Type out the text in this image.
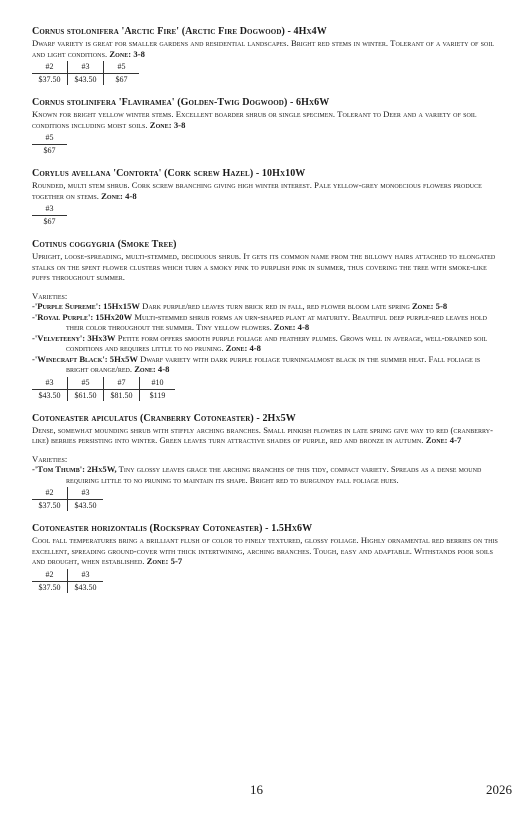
Cornus stolonifera 'Arctic Fire' (Arctic Fire Dogwood) - 4Hx4W
Dwarf variety is great for smaller gardens and residential landscapes. Bright red stems in winter. Tolerant of a variety of soil and light conditions. Zone: 3-8
#2	#3	#5
$37.50	$43.50	$67
Cornus stolinifera 'Flaviramea' (Golden-Twig Dogwood) - 6Hx6W
Known for bright yellow winter stems. Excellent boarder shrub or single specimen. Tolerant to Deer and a variety of soil conditions including moist soils. Zone: 3-8
#5
$67
Corylus avellana 'Contorta' (Cork screw Hazel) - 10Hx10W
Rounded, multi stem shrub. Cork screw branching giving high winter interest. Pale yellow-grey monoecious flowers produce together on stems. Zone: 4-8
#3
$67
Cotinus coggygria (Smoke Tree)
Upright, loose-spreading, multi-stemmed, deciduous shrub. It gets its common name from the billowy hairs attached to elongated stalks on the spent flower clusters which turn a smoky pink to purplish pink in summer, thus covering the tree with smoke-like puffs throughout summer.
Varieties:
-'Purple Supreme': 15Hx15W Dark purple/red leaves turn brick red in fall, red flower bloom late spring Zone: 5-8
-'Royal Purple': 15Hx20W Multi-stemmed shrub forms an urn-shaped plant at maturity. Beautiful deep purple-red leaves hold their color throughout the summer. Tiny yellow flowers. Zone: 4-8
-'Velveteeny': 3Hx3W Petite form offers smooth purple foliage and feathery plumes. Grows well in average, well-drained soil conditions and requires little to no pruning. Zone: 4-8
-'Winecraft Black': 5Hx5W Dwarf variety with dark purple foliage turningalmost black in the summer heat. Fall foliage is bright orange/red. Zone: 4-8
#3	#5	#7	#10
$43.50	$61.50	$81.50	$119
Cotoneaster apiculatus (Cranberry Cotoneaster) - 2Hx5W
Dense, somewhat mounding shrub with stiffly arching branches. Small pinkish flowers in late spring give way to red (cranberry-like) berries persisting into winter. Green leaves turn attractive shades of purple, red and bronze in autumn. Zone: 4-7
Varieties:
-'Tom Thumb': 2Hx5W, Tiny glossy leaves grace the arching branches of this tidy, compact variety. Spreads as a dense mound requiring little to no pruning to maintain its shape. Bright red to burgundy fall foliage hues.
#2	#3
$37.50	$43.50
Cotoneaster horizontalis (Rockspray Cotoneaster) - 1.5Hx6W
Cool fall temperatures bring a brilliant flush of color to finely textured, glossy foliage. Highly ornamental red berries on this excellent, spreading ground-cover with thick intertwining, arching branches. Tough, easy and adaptable. Withstands poor soils and drought, when established. Zone: 5-7
#2	#3
$37.50	$43.50
16	2026
